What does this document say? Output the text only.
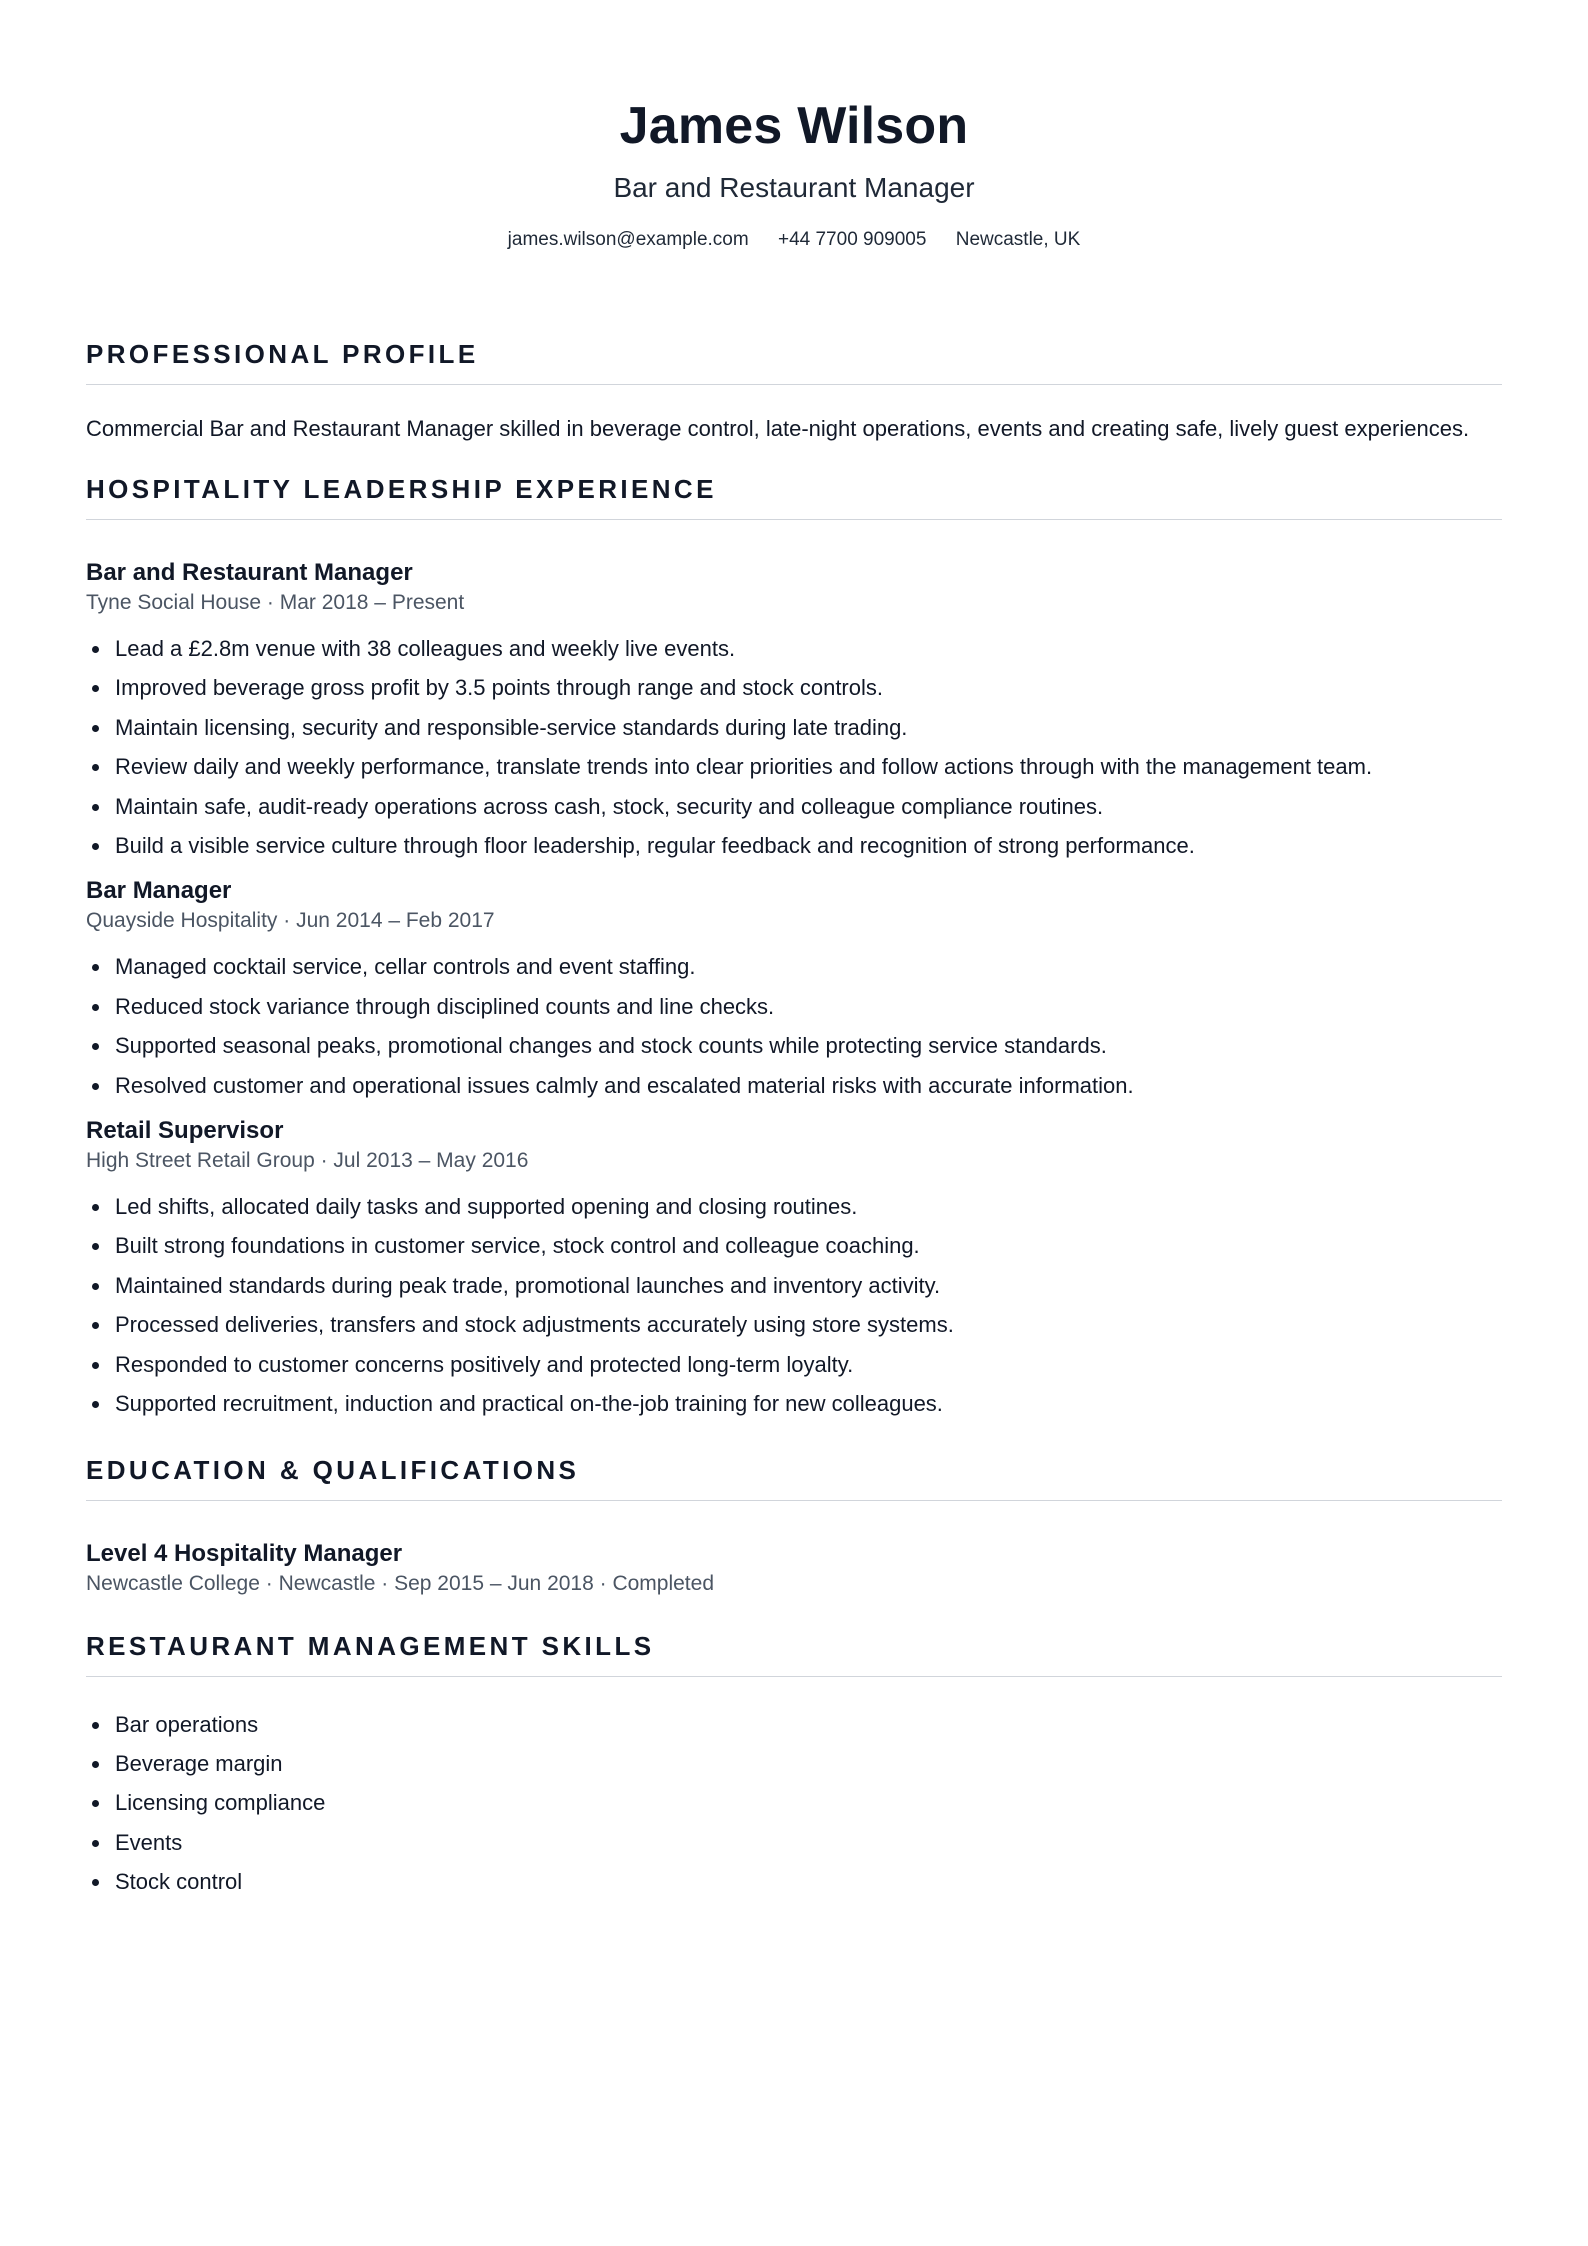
James Wilson
Bar and Restaurant Manager
james.wilson@example.com +44 7700 909005 Newcastle, UK
PROFESSIONAL PROFILE
Commercial Bar and Restaurant Manager skilled in beverage control, late-night operations, events and creating safe, lively guest experiences.
HOSPITALITY LEADERSHIP EXPERIENCE
Bar and Restaurant Manager
Tyne Social House · Mar 2018 – Present
Lead a £2.8m venue with 38 colleagues and weekly live events.
Improved beverage gross profit by 3.5 points through range and stock controls.
Maintain licensing, security and responsible-service standards during late trading.
Review daily and weekly performance, translate trends into clear priorities and follow actions through with the management team.
Maintain safe, audit-ready operations across cash, stock, security and colleague compliance routines.
Build a visible service culture through floor leadership, regular feedback and recognition of strong performance.
Bar Manager
Quayside Hospitality · Jun 2014 – Feb 2017
Managed cocktail service, cellar controls and event staffing.
Reduced stock variance through disciplined counts and line checks.
Supported seasonal peaks, promotional changes and stock counts while protecting service standards.
Resolved customer and operational issues calmly and escalated material risks with accurate information.
Retail Supervisor
High Street Retail Group · Jul 2013 – May 2016
Led shifts, allocated daily tasks and supported opening and closing routines.
Built strong foundations in customer service, stock control and colleague coaching.
Maintained standards during peak trade, promotional launches and inventory activity.
Processed deliveries, transfers and stock adjustments accurately using store systems.
Responded to customer concerns positively and protected long-term loyalty.
Supported recruitment, induction and practical on-the-job training for new colleagues.
EDUCATION & QUALIFICATIONS
Level 4 Hospitality Manager
Newcastle College · Newcastle · Sep 2015 – Jun 2018 · Completed
RESTAURANT MANAGEMENT SKILLS
Bar operations
Beverage margin
Licensing compliance
Events
Stock control
